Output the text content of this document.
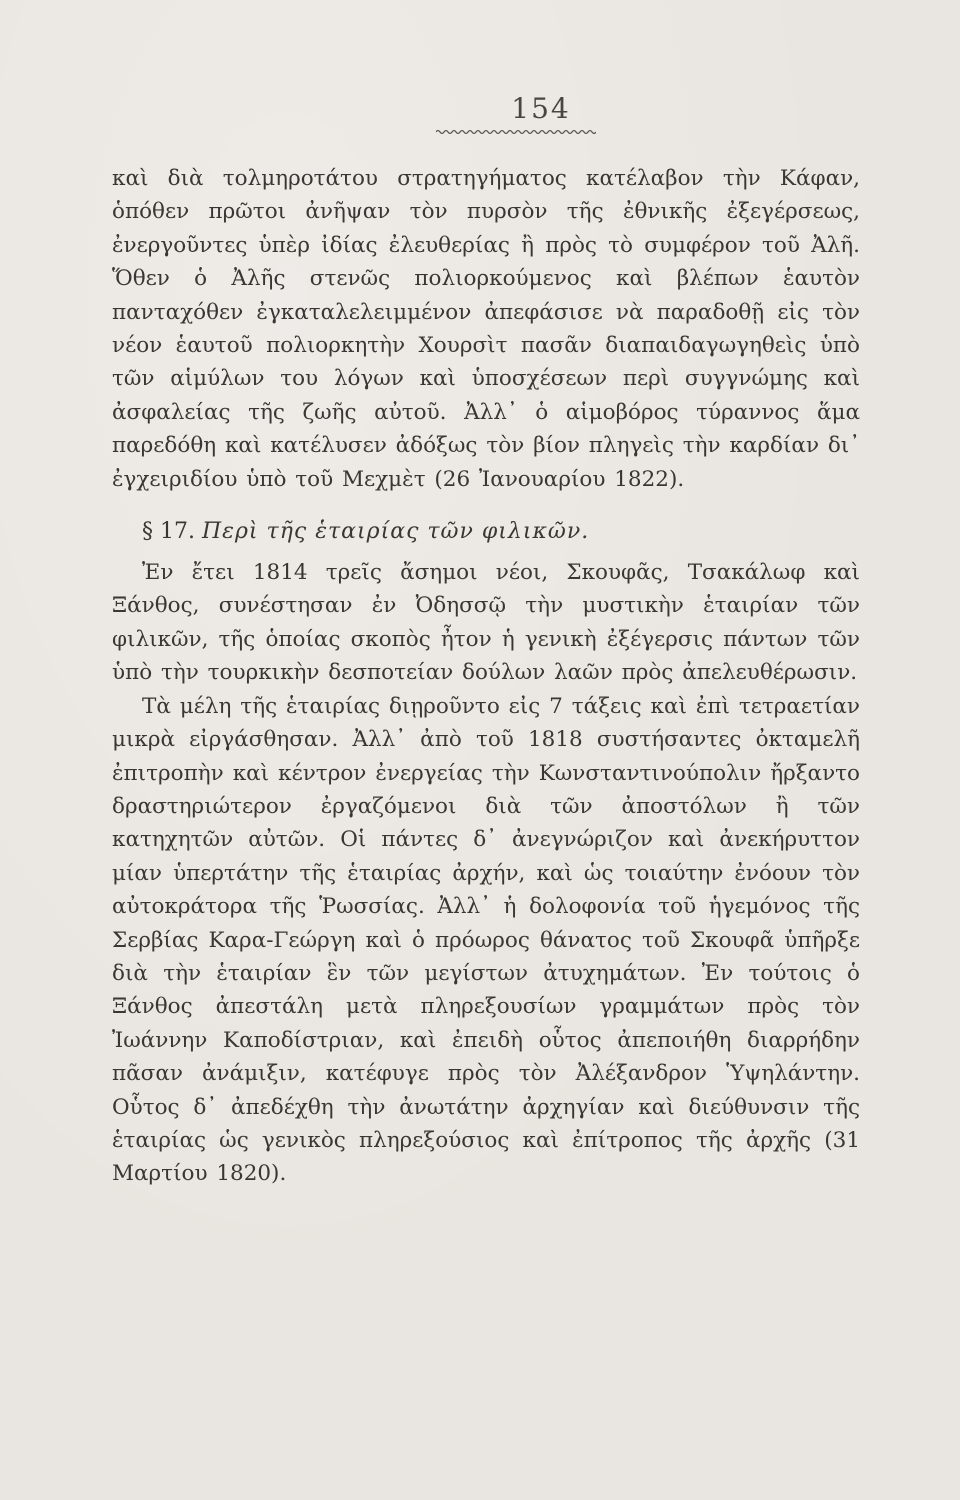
154

καὶ διὰ τολμηροτάτου στρατηγήματος κατέλαβον τὴν Κάφαν, ὁπόθεν πρῶτοι ἀνῆψαν τὸν πυρσὸν τῆς ἐθνικῆς ἐξεγέρσεως, ἐνεργοῦντες ὑπὲρ ἰδίας ἐλευθερίας ἢ πρὸς τὸ συμφέρον τοῦ Ἀλῆ. Ὅθεν ὁ Ἀλῆς στενῶς πολιορκούμενος καὶ βλέπων ἑαυτὸν πανταχόθεν ἐγκαταλελειμμένον ἀπεφάσισε νὰ παραδοθῇ εἰς τὸν νέον ἑαυτοῦ πολιορκητὴν Χουρσὶτ πασᾶν διαπαιδαγωγηθεὶς ὑπὸ τῶν αἱμύλων του λόγων καὶ ὑποσχέσεων περὶ συγγνώμης καὶ ἀσφαλείας τῆς ζωῆς αὐτοῦ. Ἀλλ᾽ ὁ αἱμοβόρος τύραννος ἅμα παρεδόθη καὶ κατέλυσεν ἀδόξως τὸν βίον πληγεὶς τὴν καρδίαν δι᾽ ἐγχειριδίου ὑπὸ τοῦ Μεχμὲτ (26 Ἰανουαρίου 1822).

§ 17. Περὶ τῆς ἑταιρίας τῶν φιλικῶν.

Ἐν ἔτει 1814 τρεῖς ἄσημοι νέοι, Σκουφᾶς, Τσακάλωφ καὶ Ξάνθος, συνέστησαν ἐν Ὀδησσῷ τὴν μυστικὴν ἑταιρίαν τῶν φιλικῶν, τῆς ὁποίας σκοπὸς ἦτον ἡ γενικὴ ἐξέγερσις πάντων τῶν ὑπὸ τὴν τουρκικὴν δεσποτείαν δούλων λαῶν πρὸς ἀπελευθέρωσιν.

Τὰ μέλη τῆς ἑταιρίας διῃροῦντο εἰς 7 τάξεις καὶ ἐπὶ τετραετίαν μικρὰ εἰργάσθησαν. Ἀλλ᾽ ἀπὸ τοῦ 1818 συστήσαντες ὀκταμελῆ ἐπιτροπὴν καὶ κέντρον ἐνεργείας τὴν Κωνσταντινούπολιν ἤρξαντο δραστηριώτερον ἐργαζόμενοι διὰ τῶν ἀποστόλων ἢ τῶν κατηχητῶν αὐτῶν. Οἱ πάντες δ᾽ ἀνεγνώριζον καὶ ἀνεκήρυττον μίαν ὑπερτάτην τῆς ἑταιρίας ἀρχήν, καὶ ὡς τοιαύτην ἐνόουν τὸν αὐτοκράτορα τῆς Ῥωσσίας. Ἀλλ᾽ ἡ δολοφονία τοῦ ἡγεμόνος τῆς Σερβίας Καρα-Γεώργη καὶ ὁ πρόωρος θάνατος τοῦ Σκουφᾶ ὑπῆρξε διὰ τὴν ἑταιρίαν ἓν τῶν μεγίστων ἀτυχημάτων. Ἐν τούτοις ὁ Ξάνθος ἀπεστάλη μετὰ πληρεξουσίων γραμμάτων πρὸς τὸν Ἰωάννην Καποδίστριαν, καὶ ἐπειδὴ οὗτος ἀπεποιήθη διαρρήδην πᾶσαν ἀνάμιξιν, κατέφυγε πρὸς τὸν Ἀλέξανδρον Ὑψηλάντην. Οὗτος δ᾽ ἀπεδέχθη τὴν ἀνωτάτην ἀρχηγίαν καὶ διεύθυνσιν τῆς ἑταιρίας ὡς γενικὸς πληρεξούσιος καὶ ἐπίτροπος τῆς ἀρχῆς (31 Μαρτίου 1820).
